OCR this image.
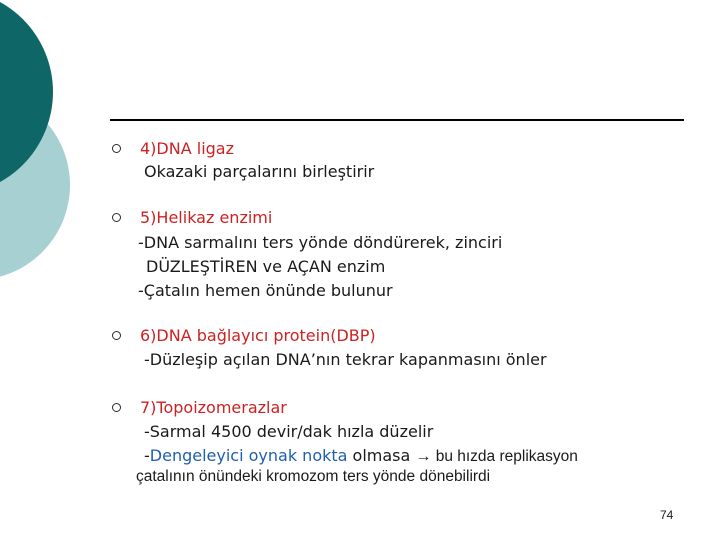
4)DNA ligaz
Okazaki parçalarını birleştirir
5)Helikaz enzimi
-DNA sarmalını ters yönde döndürerek, zinciri
DÜZLEŞTİREN ve AÇAN enzim
-Çatalın hemen önünde bulunur
6)DNA bağlayıcı protein(DBP)
-Düzleşip açılan DNA’nın tekrar kapanmasını önler
7)Topoizomerazlar
-Sarmal 4500 devir/dak hızla düzelir
-Dengeleyici oynak nokta olmasa → bu hızda replikasyon
çatalının önündeki kromozom ters yönde dönebilirdi
74
